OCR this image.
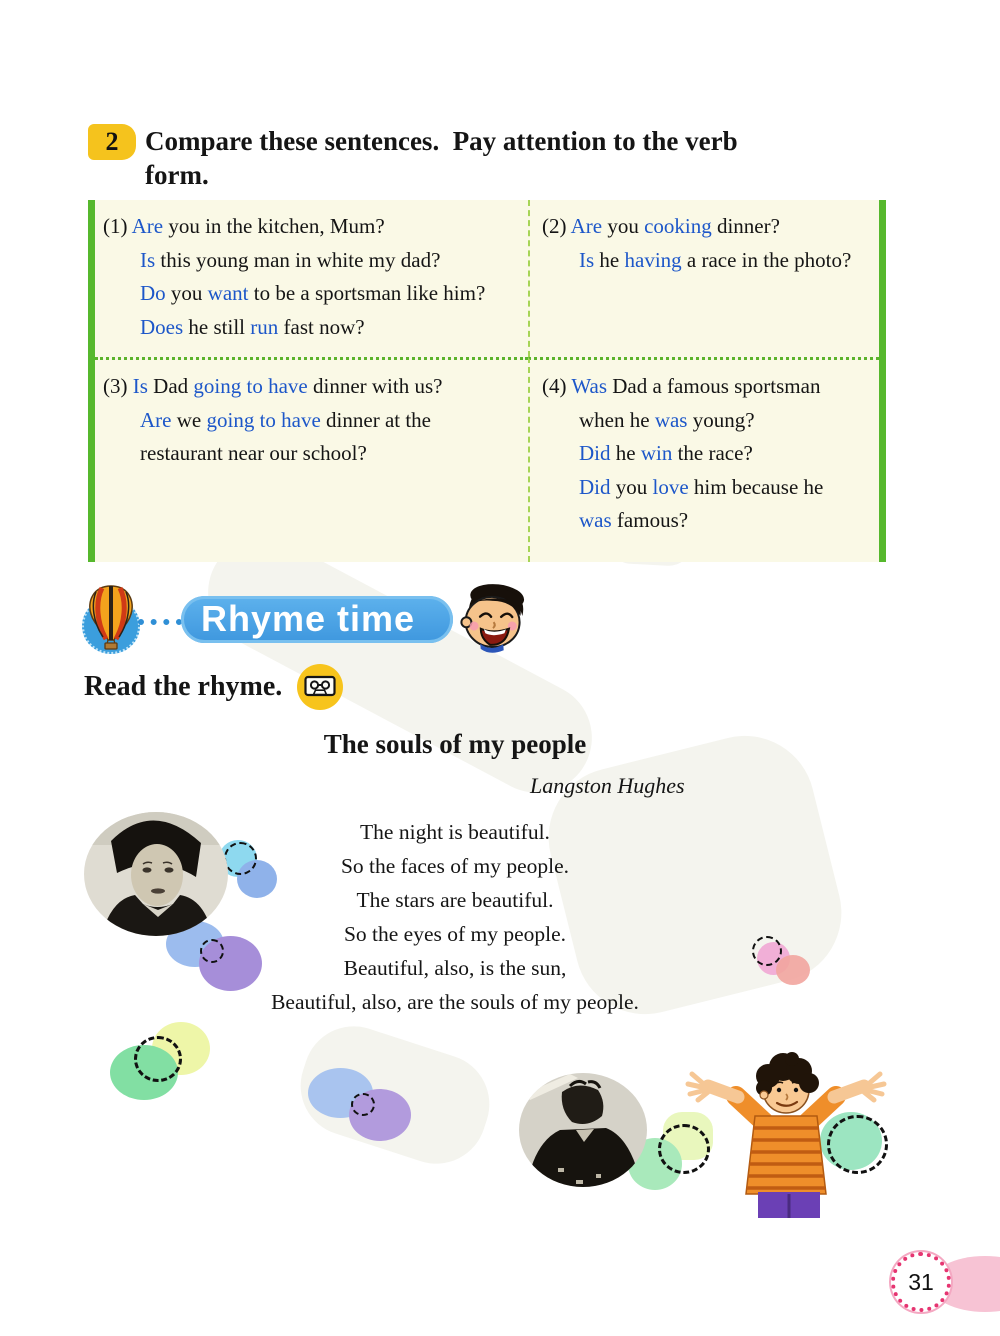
2 Compare these sentences.  Pay attention to the verb
form.
(1) Are you in the kitchen, Mum?
Is this young man in white my dad?
Do you want to be a sportsman like him?
Does he still run fast now?
(2) Are you cooking dinner?
Is he having a race in the photo?
(3) Is Dad going to have dinner with us?
Are we going to have dinner at the
restaurant near our school?
(4) Was Dad a famous sportsman
when he was young?
Did he win the race?
Did you love him because he
was famous?
Rhyme time
Read the rhyme.
The souls of my people
Langston Hughes
The night is beautiful.
So the faces of my people.
The stars are beautiful.
So the eyes of my people.
Beautiful, also, is the sun,
Beautiful, also, are the souls of my people.
31
